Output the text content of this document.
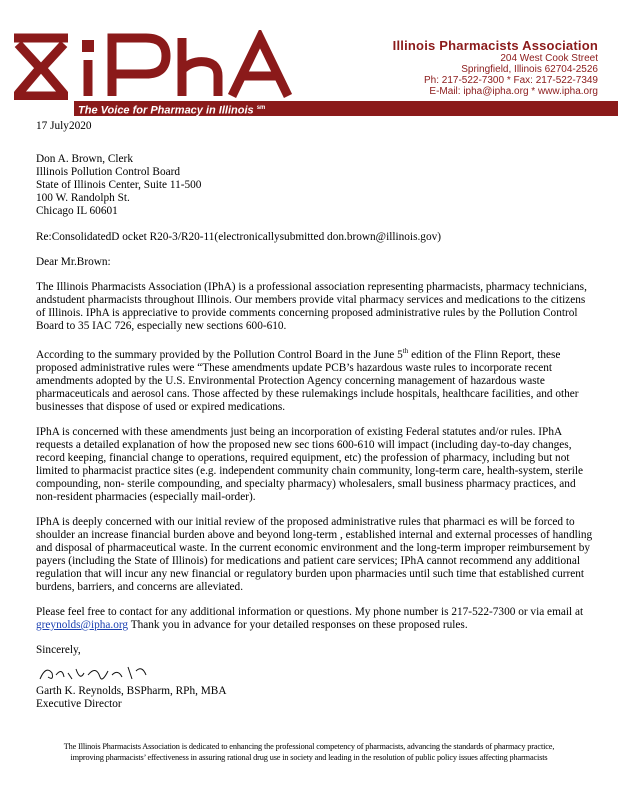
Illinois Pharmacists Association
204 West Cook Street
Springfield, Illinois 62704-2526
Ph: 217-522-7300 * Fax: 217-522-7349
E-Mail: ipha@ipha.org * www.ipha.org
The Voice for Pharmacy in Illinois $^{sm}$

17 July2020

Don A. Brown, Clerk
Illinois Pollution Control Board
State of Illinois Center, Suite 11-500
100 W. Randolph St.
Chicago IL 60601

Re:ConsolidatedD ocket R20-3/R20-11(electronicallysubmitted don.brown@illinois.gov)

Dear Mr.Brown:

The Illinois Pharmacists Association (IPhA) is a professional association representing pharmacists, pharmacy technicians, andstudent pharmacists throughout Illinois. Our members provide vital pharmacy services and medications to the citizens of Illinois. IPhA is appreciative to provide comments concerning proposed administrative rules by the Pollution Control Board to 35 IAC 726, especially new sections 600-610.

According to the summary provided by the Pollution Control Board in the June 5th edition of the Flinn Report, these proposed administrative rules were “These amendments update PCB’s hazardous waste rules to incorporate recent amendments adopted by the U.S. Environmental Protection Agency concerning management of hazardous waste pharmaceuticals and aerosol cans. Those affected by these rulemakings include hospitals, healthcare facilities, and other businesses that dispose of used or expired medications.

IPhA is concerned with these amendments just being an incorporation of existing Federal statutes and/or rules. IPhA requests a detailed explanation of how the proposed new sec tions 600-610 will impact (including day-to-day changes, record keeping, financial change to operations, required equipment, etc) the profession of pharmacy, including but not limited to pharmacist practice sites (e.g. independent community chain community, long-term care, health-system, sterile compounding, non- sterile compounding, and specialty pharmacy) wholesalers, small business pharmacy practices, and non-resident pharmacies (especially mail-order).

IPhA is deeply concerned with our initial review of the proposed administrative rules that pharmaci es will be forced to shoulder an increase financial burden above and beyond long-term , established internal and external processes of handling and disposal of pharmaceutical waste. In the current economic environment and the long-term improper reimbursement by payers (including the State of Illinois) for medications and patient care services; IPhA cannot recommend any additional regulation that will incur any new financial or regulatory burden upon pharmacies until such time that established current burdens, barriers, and concerns are alleviated.

Please feel free to contact for any additional information or questions. My phone number is 217-522-7300 or via email at greynolds@ipha.org Thank you in advance for your detailed responses on these proposed rules.

Sincerely,
Garth K. Reynolds, BSPharm, RPh, MBA
Executive Director
The Illinois Pharmacists Association is dedicated to enhancing the professional competency of pharmacists, advancing the standards of pharmacy practice,
improving pharmacists’ effectiveness in assuring rational drug use in society and leading in the resolution of public policy issues affecting pharmacists
